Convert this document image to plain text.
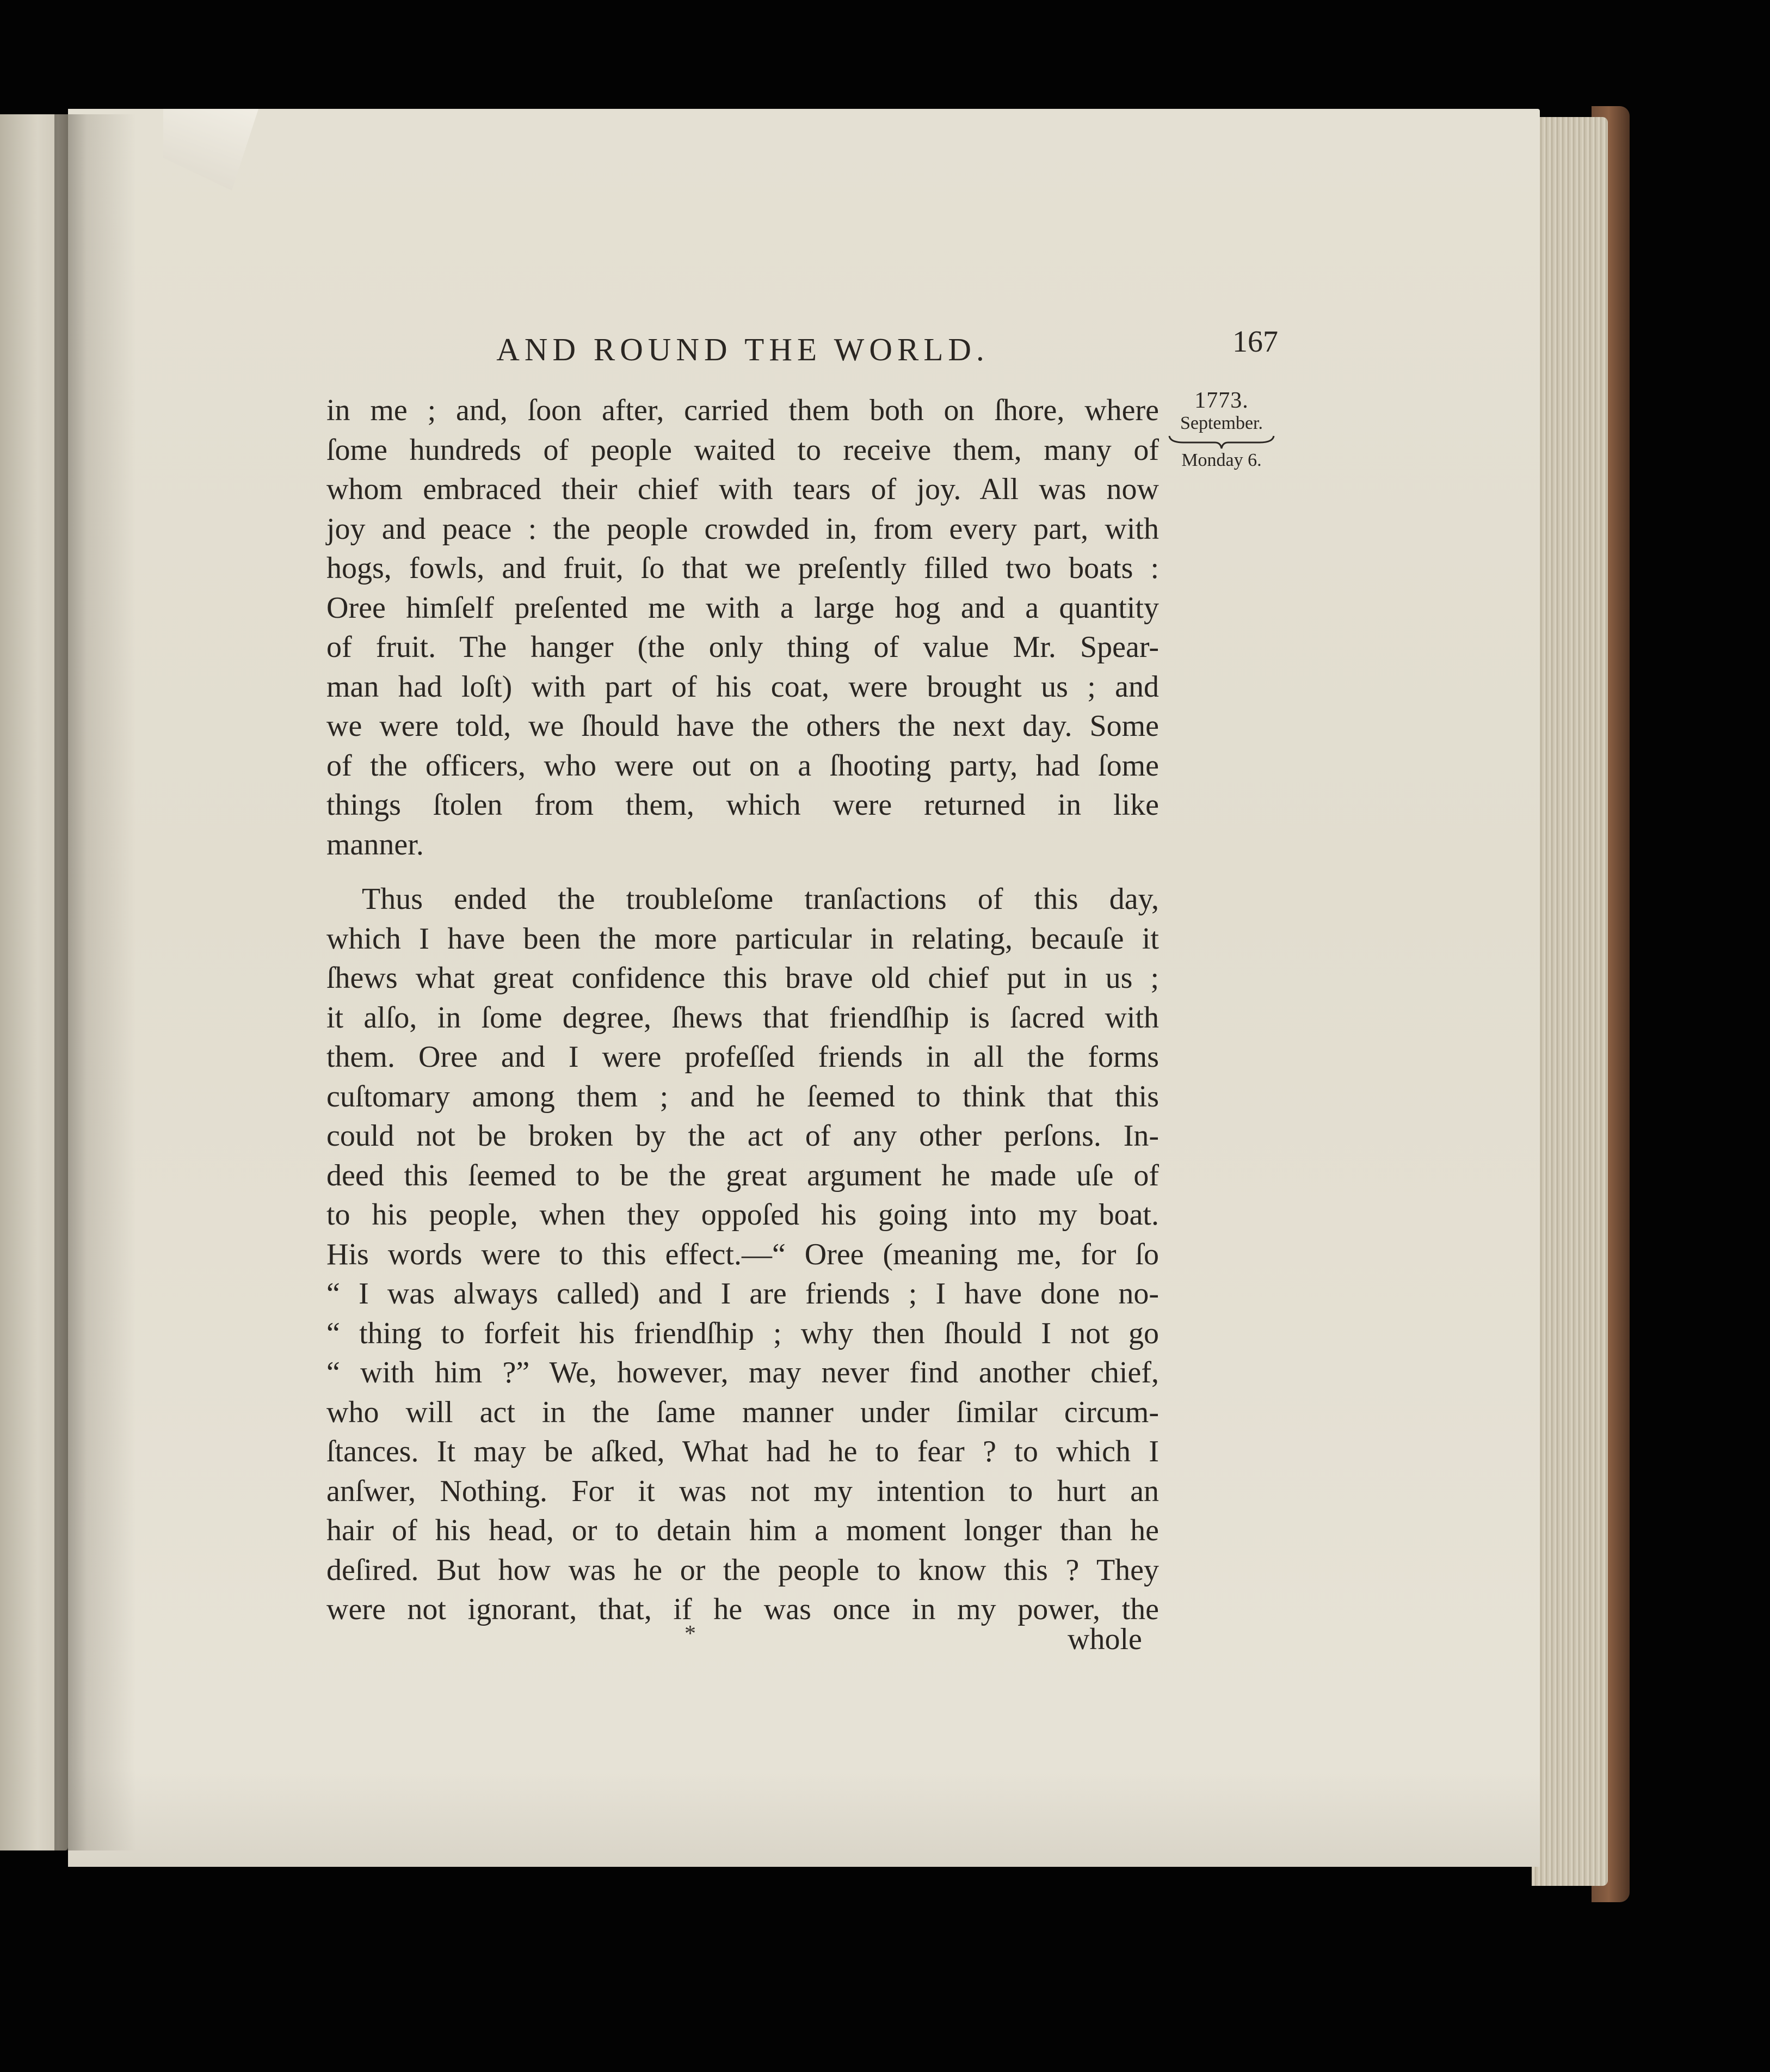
AND ROUND THE WORLD.	167
1773.
September.
Monday 6.
in me ; and, ſoon after, carried them both on ſhore, where
ſome hundreds of people waited to receive them, many of
whom embraced their chief with tears of joy. All was now
joy and peace : the people crowded in, from every part, with
hogs, fowls, and fruit, ſo that we preſently filled two boats :
Oree himſelf preſented me with a large hog and a quantity
of fruit. The hanger (the only thing of value Mr. Spear-
man had loſt) with part of his coat, were brought us ; and
we were told, we ſhould have the others the next day. Some
of the officers, who were out on a ſhooting party, had ſome
things ſtolen from them, which were returned in like
manner.
Thus ended the troubleſome tranſactions of this day,
which I have been the more particular in relating, becauſe it
ſhews what great confidence this brave old chief put in us ;
it alſo, in ſome degree, ſhews that friendſhip is ſacred with
them. Oree and I were profeſſed friends in all the forms
cuſtomary among them ; and he ſeemed to think that this
could not be broken by the act of any other perſons. In-
deed this ſeemed to be the great argument he made uſe of
to his people, when they oppoſed his going into my boat.
His words were to this effect.—“ Oree (meaning me, for ſo
“ I was always called) and I are friends ; I have done no-
“ thing to forfeit his friendſhip ; why then ſhould I not go
“ with him ?” We, however, may never find another chief,
who will act in the ſame manner under ſimilar circum-
ſtances. It may be aſked, What had he to fear ? to which I
anſwer, Nothing. For it was not my intention to hurt an
hair of his head, or to detain him a moment longer than he
deſired. But how was he or the people to know this ? They
were not ignorant, that, if he was once in my power, the
*	whole
